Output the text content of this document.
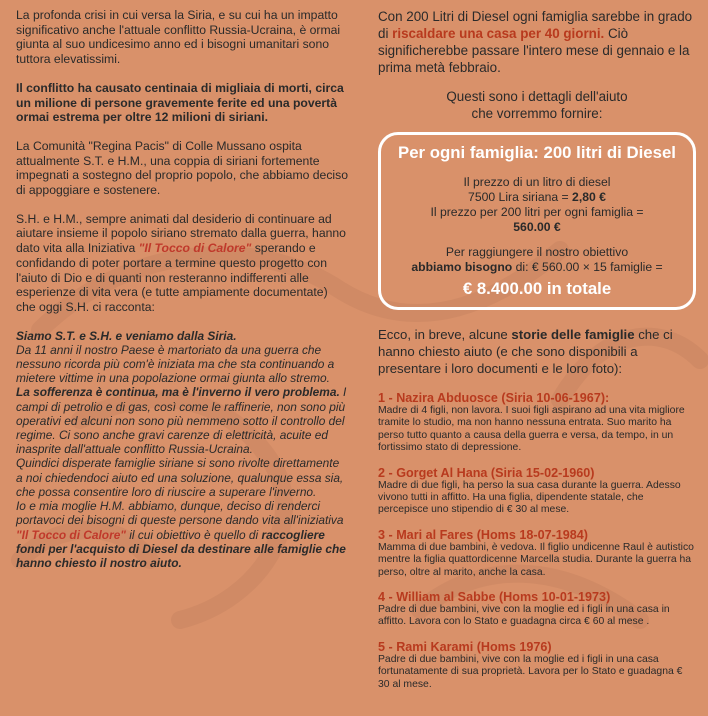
La profonda crisi in cui versa la Siria, e su cui ha un impatto significativo anche l'attuale conflitto Russia-Ucraina, è ormai giunta al suo undicesimo anno ed i bisogni umanitari sono tuttora elevatissimi.

Il conflitto ha causato centinaia di migliaia di morti, circa un milione di persone gravemente ferite ed una povertà ormai estrema per oltre 12 milioni di siriani.

La Comunità "Regina Pacis" di Colle Mussano ospita attualmente S.T. e H.M., una coppia di siriani fortemente impegnati a sostegno del proprio popolo, che abbiamo deciso di appoggiare e sostenere.

S.H. e H.M., sempre animati dal desiderio di continuare ad aiutare insieme il popolo siriano stremato dalla guerra, hanno dato vita alla Iniziativa "Il Tocco di Calore" sperando e confidando di poter portare a termine questo progetto con l'aiuto di Dio e di quanti non resteranno indifferenti alle esperienze di vita vera (e tutte ampiamente documentate) che oggi S.H. ci racconta:

Siamo S.T. e S.H. e veniamo dalla Siria.
Da 11 anni il nostro Paese è martoriato da una guerra che nessuno ricorda più com'è iniziata ma che sta continuando a mietere vittime in una popolazione ormai giunta allo stremo.
La sofferenza è continua, ma è l'inverno il vero problema. I campi di petrolio e di gas, così come le raffinerie, non sono più operativi ed alcuni non sono più nemmeno sotto il controllo del regime. Ci sono anche gravi carenze di elettricità, acuite ed inasprite dall'attuale conflitto Russia-Ucraina.
Quindici disperate famiglie siriane si sono rivolte direttamente a noi chiedendoci aiuto ed una soluzione, qualunque essa sia, che possa consentire loro di riuscire a superare l'inverno.
Io e mia moglie H.M. abbiamo, dunque, deciso di renderci portavoci dei bisogni di queste persone dando vita all'iniziativa "Il Tocco di Calore" il cui obiettivo è quello di raccogliere fondi per l'acquisto di Diesel da destinare alle famiglie che hanno chiesto il nostro aiuto.

Con 200 Litri di Diesel ogni famiglia sarebbe in grado di riscaldare una casa per 40 giorni. Ciò significherebbe passare l'intero mese di gennaio e la prima metà febbraio.

Questi sono i dettagli dell'aiuto
che vorremmo fornire:
Per ogni famiglia: 200 litri di Diesel
Il prezzo di un litro di diesel
7500 Lira siriana = 2,80 €
Il prezzo per 200 litri per ogni famiglia =
560.00 €
Per raggiungere il nostro obiettivo
abbiamo bisogno di: € 560.00 × 15 famiglie =
€ 8.400.00 in totale

Ecco, in breve, alcune storie delle famiglie che ci hanno chiesto aiuto (e che sono disponibili a presentare i loro documenti e le loro foto):

1 - Nazira Abduosce (Siria 10-06-1967):
Madre di 4 figli, non lavora. I suoi figli aspirano ad una vita migliore tramite lo studio, ma non hanno nessuna entrata. Suo marito ha perso tutto quanto a causa della guerra e versa, da tempo, in un fortissimo stato di depressione.
2 - Gorget Al Hana (Siria 15-02-1960)
Madre di due figli, ha perso la sua casa durante la guerra. Adesso vivono tutti in affitto. Ha una figlia, dipendente statale, che percepisce uno stipendio di € 30 al mese.
3 - Mari al Fares (Homs 18-07-1984)
Mamma di due bambini, è vedova. Il figlio undicenne Raul è autistico mentre la figlia quattordicenne Marcella studia. Durante la guerra ha perso, oltre al marito, anche la casa.
4 - William al Sabbe (Homs 10-01-1973)
Padre di due bambini, vive con la moglie ed i figli in una casa in affitto. Lavora con lo Stato e guadagna circa € 60 al mese .
5 - Rami Karami (Homs 1976)
Padre di due bambini, vive con la moglie ed i figli in una casa fortunatamente di sua proprietà. Lavora per lo Stato e guadagna € 30 al mese.
